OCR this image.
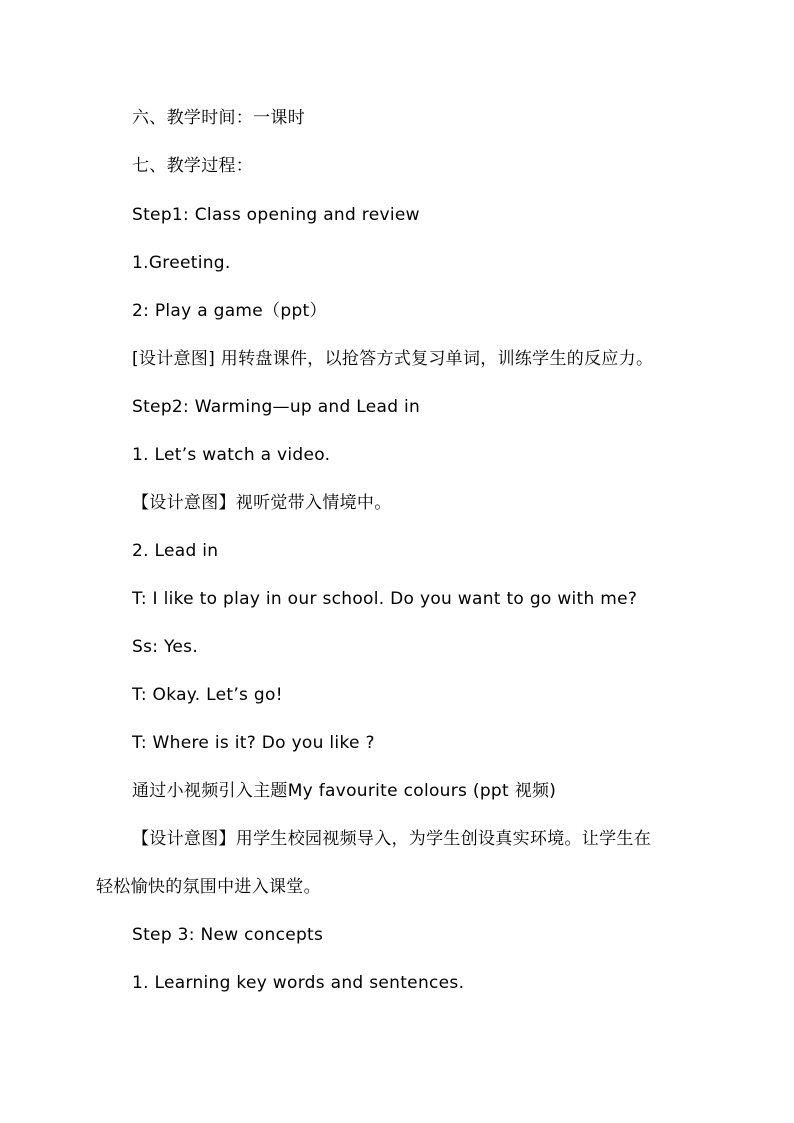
六、教学时间：一课时
七、教学过程：
Step1: Class opening and review
1.Greeting.
2: Play a game（ppt）
[设计意图] 用转盘课件，以抢答方式复习单词，训练学生的反应力。
Step2: Warming—up and Lead in
1. Let’s watch a video.
【设计意图】视听觉带入情境中。
2. Lead in
T: I like to play in our school. Do you want to go with me?
Ss: Yes.
T: Okay. Let’s go!
T: Where is it? Do you like ?
通过小视频引入主题My favourite colours (ppt 视频)
【设计意图】用学生校园视频导入，为学生创设真实环境。让学生在
轻松愉快的氛围中进入课堂。
Step 3: New concepts
1. Learning key words and sentences.
